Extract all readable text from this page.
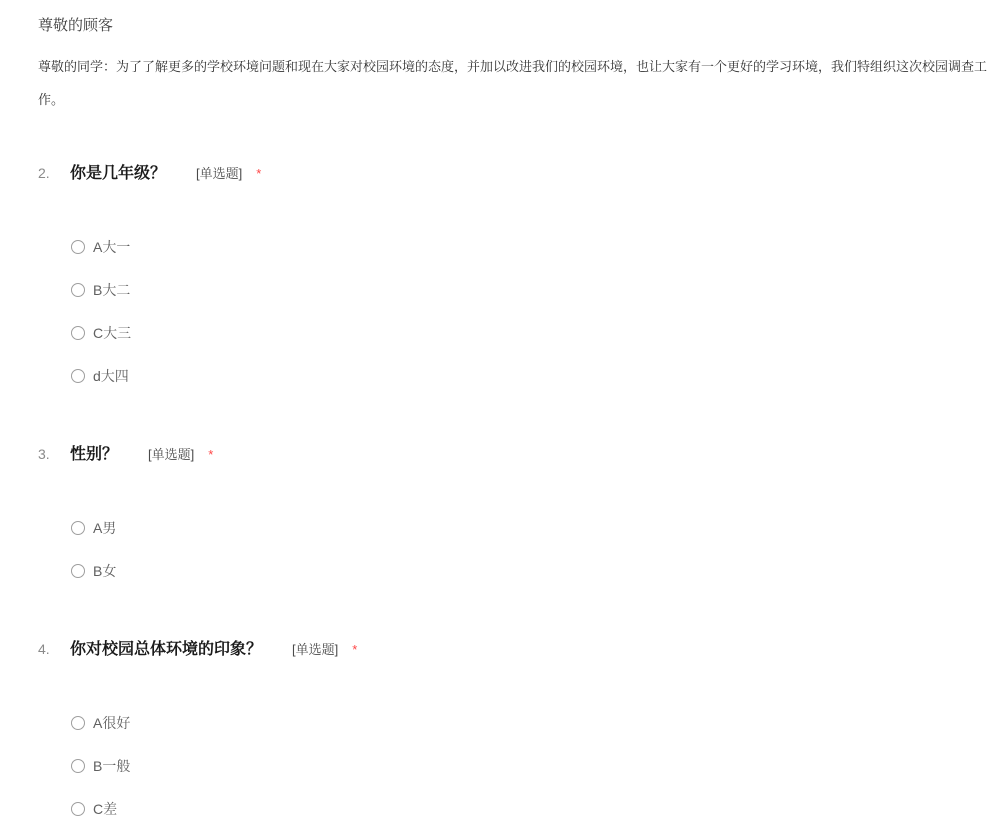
尊敬的顾客
尊敬的同学：为了了解更多的学校环境问题和现在大家对校园环境的态度，并加以改进我们的校园环境，也让大家有一个更好的学习环境，我们特组织这次校园调查工
作。
2.	你是几年级？ [单选题] *
A大一
B大二
C大三
d大四
3.	性别？ [单选题] *
A男
B女
4.	你对校园总体环境的印象？ [单选题] *
A很好
B一般
C差
